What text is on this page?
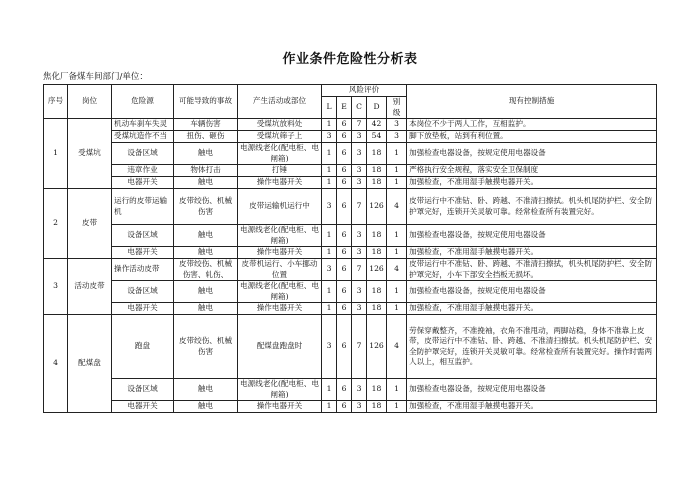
作业条件危险性分析表
焦化厂备煤车间部门/单位：
序号	岗位	危险源	可能导致的事故	产生活动或部位	风险评价					现有控制措施
					L	E	C	D	别 级	
1	受煤坑	机动车刹车失灵	车辆伤害	受煤坑放料处	1	6	7	42	3	本岗位不少于两人工作，互相监护。
		受煤坑造作不当	扭伤、砸伤	受煤坑筛子上	3	6	3	54	3	脚下放垫板，站到有利位置。
		设备区域	触电	电源线老化(配电柜、电闸箱)	1	6	3	18	1	加强检查电器设备，按规定使用电器设备
		违章作业	物体打击	打锤	1	6	3	18	1	严格执行安全规程，落实安全卫保制度
		电器开关	触电	操作电器开关	1	6	3	18	1	加强检查，不准用湿手触摸电器开关。
2	皮带	运行的皮带运输机	皮带绞伤、机械伤害	皮带运输机运行中	3	6	7	126	4	皮带运行中不准钻、卧、跨越、不准清扫擦拭。机头机尾防护栏、安全防护罩完好，连锁开关灵敏可靠。经常检查所有装置完好。
		设备区域	触电	电源线老化(配电柜、电闸箱)	1	6	3	18	1	加强检查电器设备，按规定使用电器设备
		电器开关	触电	操作电器开关	1	6	3	18	1	加强检查，不准用湿手触摸电器开关。
3	活动皮带	操作活动皮带	皮带绞伤、机械伤害、轧伤、	皮带机运行、小车挪动位置	3	6	7	126	4	皮带运行中不准钻、卧、跨越、不准清扫擦拭，机头机尾防护栏、安全防护罩完好，小车下部安全挡板无损坏。
		设备区域	触电	电源线老化(配电柜、电闸箱)	1	6	3	18	1	加强检查电器设备，按规定使用电器设备
		电器开关	触电	操作电器开关	1	6	3	18	1	加强检查，不准用湿手触摸电器开关。
4	配煤盘	跑盘	皮带绞伤、机械伤害	配煤盘跑盘时	3	6	7	126	4	劳保穿戴整齐，不准挽袖，衣角不准甩动，两脚站稳，身体不准靠上皮带，皮带运行中不准钻、卧、跨越、不准清扫擦拭。机头机尾防护栏、安全防护罩完好，连锁开关灵敏可靠。经常检查所有装置完好。操作时需两人以上，相互监护。
		设备区域	触电	电源线老化(配电柜、电闸箱)	1	6	3	18	1	加强检查电器设备，按规定使用电器设备
		电器开关	触电	操作电器开关	1	6	3	18	1	加强检查，不准用湿手触摸电器开关。
